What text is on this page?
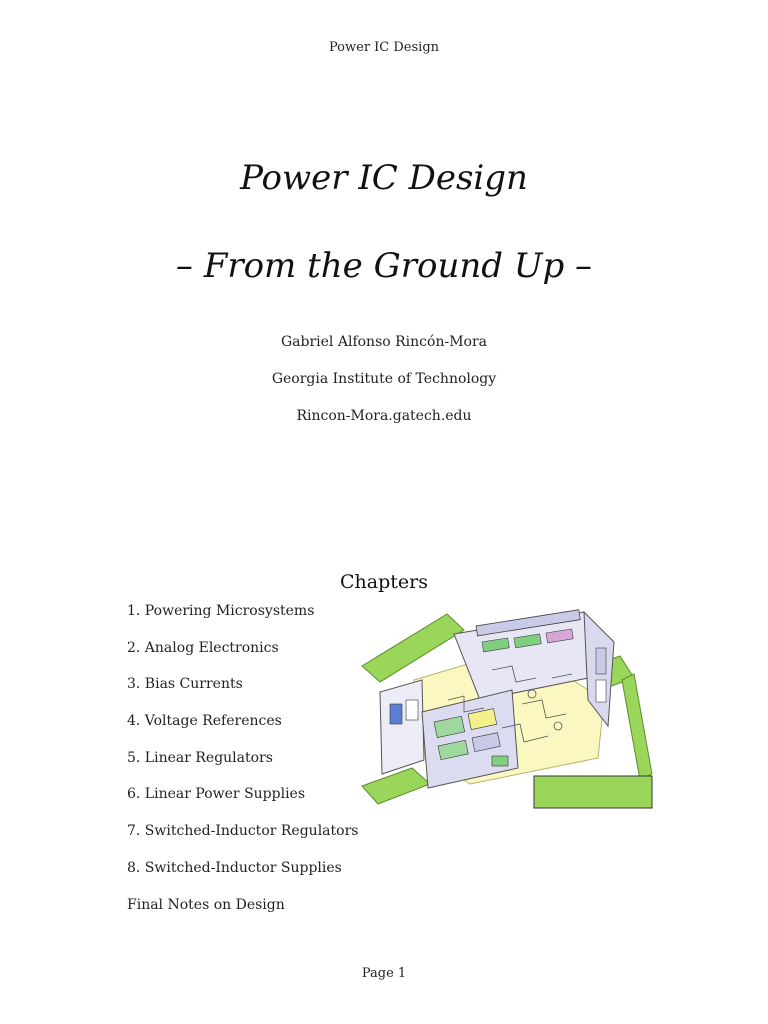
Power IC Design
Power IC Design
– From the Ground Up –
Gabriel Alfonso Rincón-Mora
Georgia Institute of Technology
Rincon-Mora.gatech.edu
Chapters
1. Powering Microsystems
2. Analog Electronics
3. Bias Currents
4. Voltage References
5. Linear Regulators
6. Linear Power Supplies
7. Switched-Inductor Regulators
8. Switched-Inductor Supplies
Final Notes on Design
Page 1
